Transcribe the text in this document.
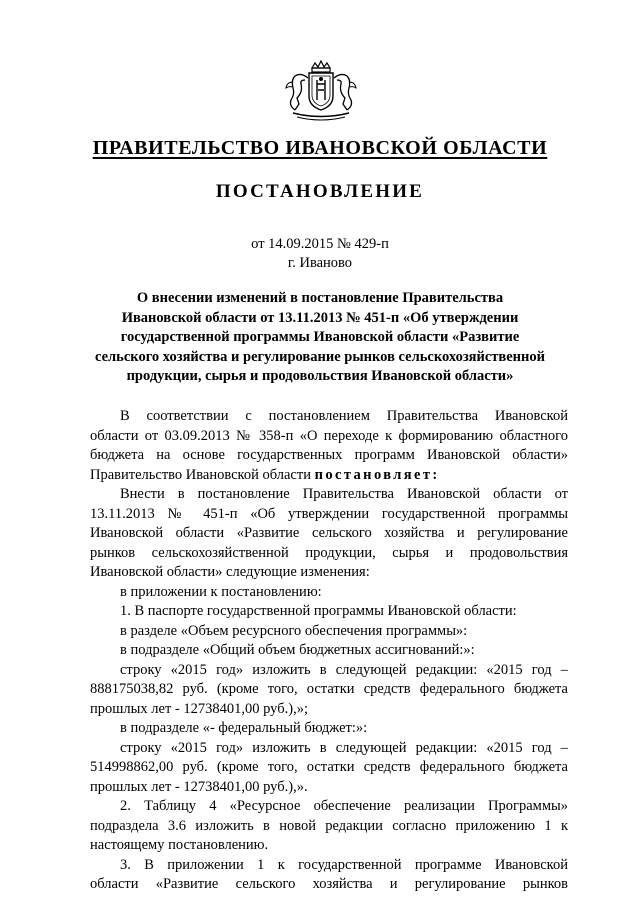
ПРАВИТЕЛЬСТВО ИВАНОВСКОЙ ОБЛАСТИ
ПОСТАНОВЛЕНИЕ
от 14.09.2015 № 429-п
г. Иваново
О внесении изменений в постановление Правительства
Ивановской области от 13.11.2013 № 451-п «Об утверждении
государственной программы Ивановской области «Развитие
сельского хозяйства и регулирование рынков сельскохозяйственной
продукции, сырья и продовольствия Ивановской области»
В соответствии с постановлением Правительства Ивановской
области от 03.09.2013 № 358-п «О переходе к формированию областного
бюджета на основе государственных программ Ивановской области»
Правительство Ивановской области постановляет:
Внести в постановление Правительства Ивановской области от
13.11.2013 № 451-п «Об утверждении государственной программы
Ивановской области «Развитие сельского хозяйства и регулирование
рынков сельскохозяйственной продукции, сырья и продовольствия
Ивановской области» следующие изменения:
в приложении к постановлению:
1. В паспорте государственной программы Ивановской области:
в разделе «Объем ресурсного обеспечения программы»:
в подразделе «Общий объем бюджетных ассигнований:»:
строку «2015 год» изложить в следующей редакции: «2015 год –
888175038,82 руб. (кроме того, остатки средств федерального бюджета
прошлых лет - 12738401,00 руб.),»;
в подразделе «- федеральный бюджет:»:
строку «2015 год» изложить в следующей редакции: «2015 год –
514998862,00 руб. (кроме того, остатки средств федерального бюджета
прошлых лет - 12738401,00 руб.),».
2. Таблицу 4 «Ресурсное обеспечение реализации Программы»
подраздела 3.6 изложить в новой редакции согласно приложению 1 к
настоящему постановлению.
3. В приложении 1 к государственной программе Ивановской
области «Развитие сельского хозяйства и регулирование рынков
